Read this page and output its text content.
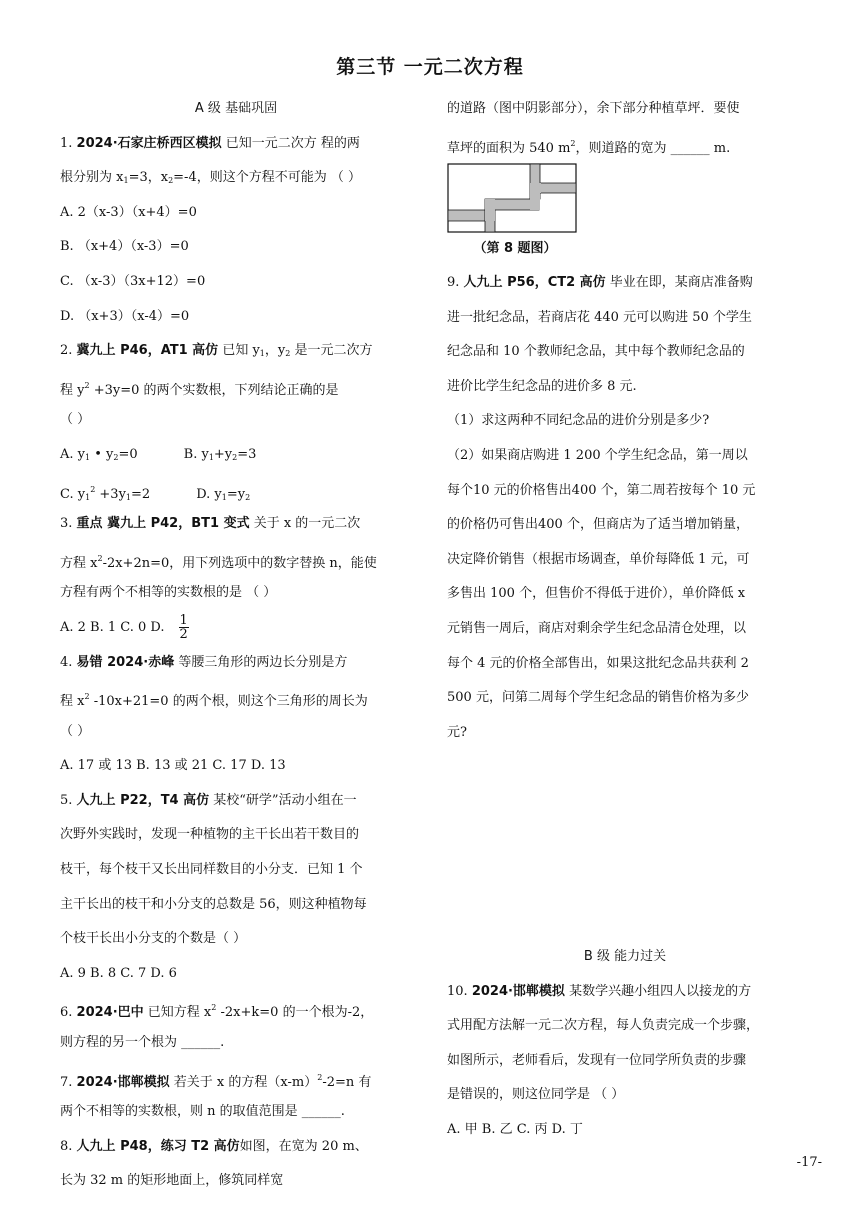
第三节 一元二次方程
A 级 基础巩固
1. 2024·石家庄桥西区模拟 已知一元二次方 程的两
根分别为 $x_1=3$，$x_2=-4$，则这个方程不可能为 （ ）
A. 2（x-3）（x+4）=0
B. （x+4）（x-3）=0
C. （x-3）（3x+12）=0
D. （x+3）（x-4）=0
2. 冀九上 P46，AT1 高仿 已知 $y_1$，$y_2$ 是一元二次方
程 $y^2 +3y=0$ 的两个实数根，下列结论正确的是
（ ）
A. $y_1$ • $y_2=0$	B. $y_1+y_2=3$
C. $y_1^2 +3y_1=2$	D. $y_1=y_2$
3. 重点 冀九上 P42，BT1 变式 关于 x 的一元二次
方程 $x^2-2x+2n=0$，用下列选项中的数字替换 n，能使
方程有两个不相等的实数根的是 （ ）
A. 2 B. 1 C. 0 D. $\frac{1}{2}$
4. 易错 2024·赤峰 等腰三角形的两边长分别是方
程 $x^2$ -10x+21=0 的两个根，则这个三角形的周长为
（ ）
A. 17 或 13 B. 13 或 21 C. 17 D. 13
5. 人九上 P22，T4 高仿 某校“研学”活动小组在一
次野外实践时，发现一种植物的主干长出若干数目的
枝干，每个枝干又长出同样数目的小分支．已知 1 个
主干长出的枝干和小分支的总数是 56，则这种植物每
个枝干长出小分支的个数是（ ）
A. 9 B. 8 C. 7 D. 6
6. 2024·巴中 已知方程 $x^2$ -2x+k=0 的一个根为-2，
则方程的另一个根为 ______.
7. 2024·邯郸模拟 若关于 x 的方程$(x-m)^2-2=n$ 有
两个不相等的实数根，则 n 的取值范围是 ______.
8. 人九上 P48，练习 T2 高仿如图，在宽为 20 m、
长为 32 m 的矩形地面上，修筑同样宽
的道路（图中阴影部分），余下部分种植草坪．要使
草坪的面积为 540 $m^2$，则道路的宽为 ______ m.
（第 8 题图）
9. 人九上 P56，CT2 高仿 毕业在即，某商店准备购
进一批纪念品，若商店花 440 元可以购进 50 个学生
纪念品和 10 个教师纪念品，其中每个教师纪念品的
进价比学生纪念品的进价多 8 元.
（1）求这两种不同纪念品的进价分别是多少?
（2）如果商店购进 1 200 个学生纪念品，第一周以
每个10 元的价格售出400 个，第二周若按每个 10 元
的价格仍可售出400 个，但商店为了适当增加销量，
决定降价销售（根据市场调查，单价每降低 1 元，可
多售出 100 个，但售价不得低于进价），单价降低 x
元销售一周后，商店对剩余学生纪念品清仓处理，以
每个 4 元的价格全部售出，如果这批纪念品共获利 2
500 元，问第二周每个学生纪念品的销售价格为多少
元?
B 级 能力过关
10. 2024·邯郸模拟 某数学兴趣小组四人以接龙的方
式用配方法解一元二次方程，每人负责完成一个步骤，
如图所示，老师看后，发现有一位同学所负责的步骤
是错误的，则这位同学是 （ ）
A. 甲 B. 乙 C. 丙 D. 丁
-17-
